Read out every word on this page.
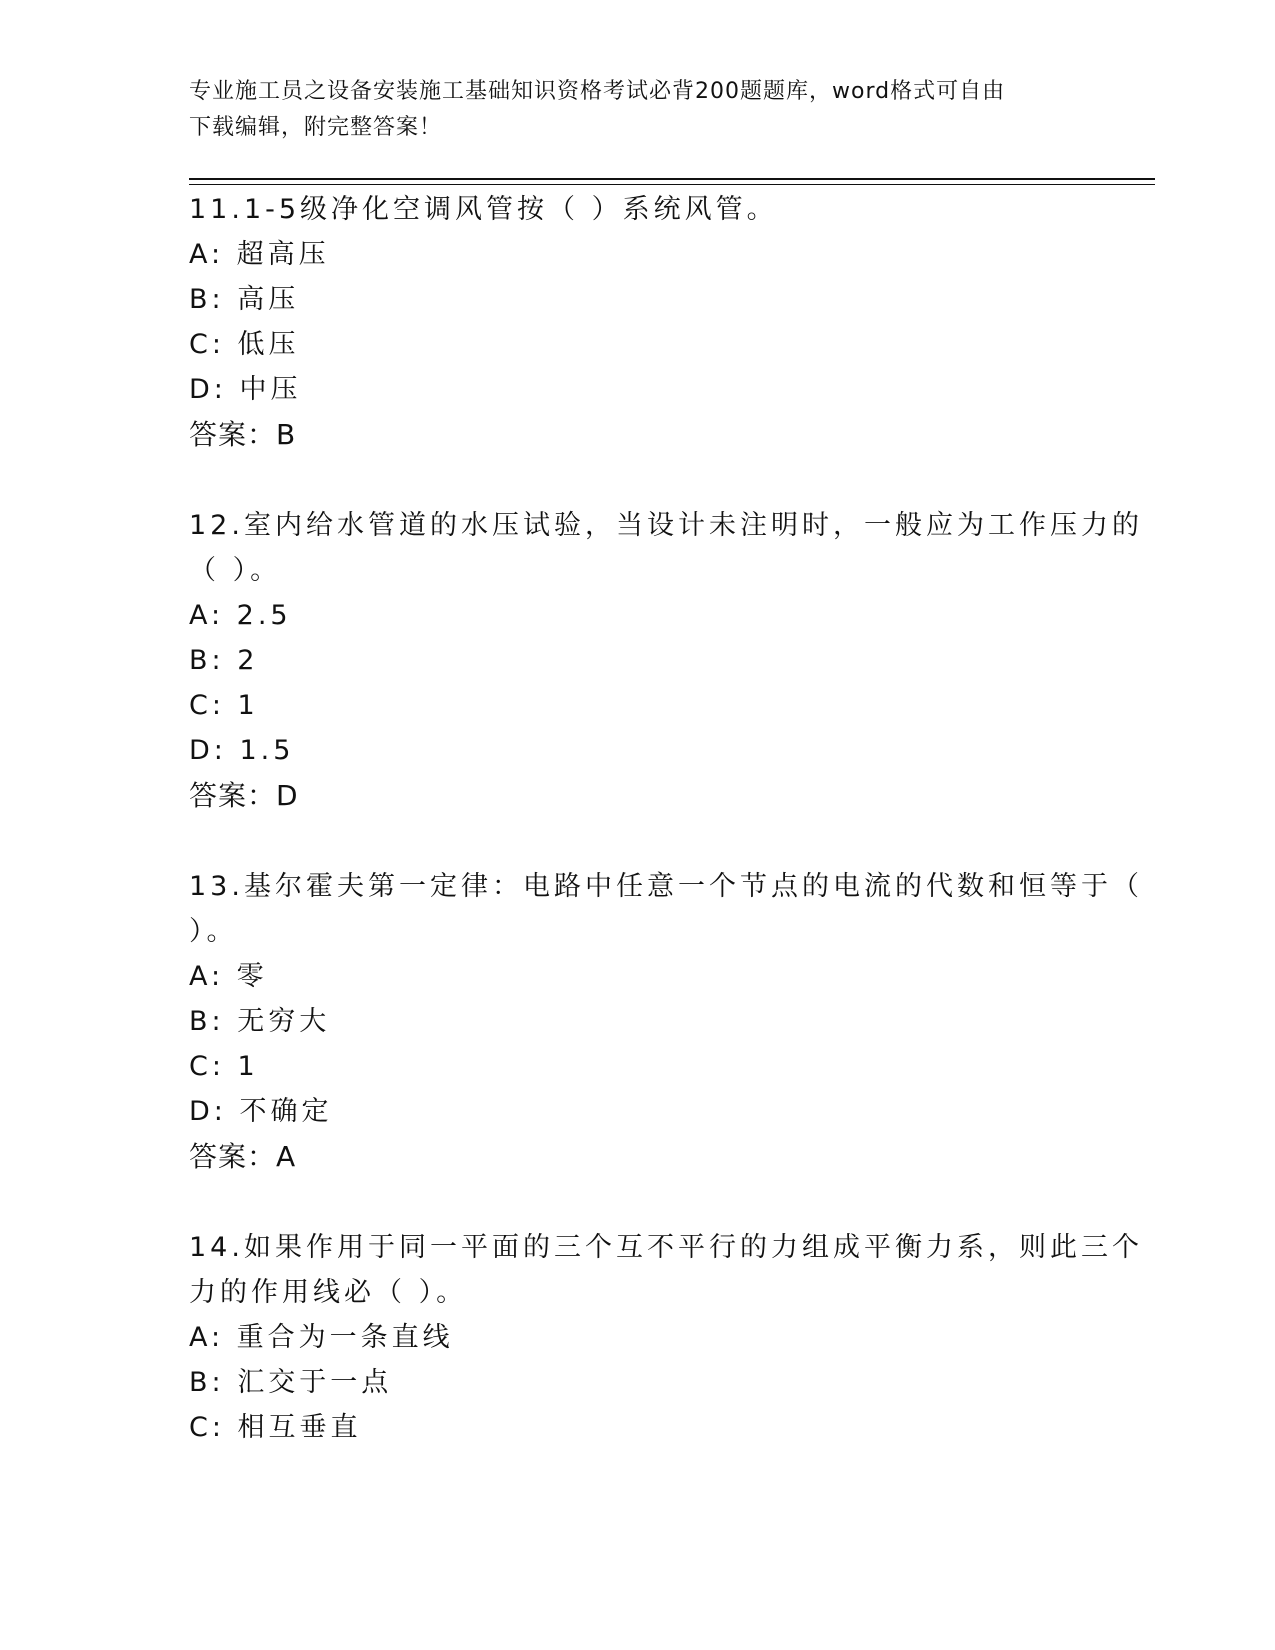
专业施工员之设备安装施工基础知识资格考试必背200题题库，word格式可自由
下载编辑，附完整答案！
11.1-5级净化空调风管按（ ）系统风管。
A: 超高压
B: 高压
C: 低压
D: 中压
答案：B
12.室内给水管道的水压试验，当设计未注明时，一般应为工作压力的
（ ）。
A: 2.5
B: 2
C: 1
D: 1.5
答案：D
13.基尔霍夫第一定律：电路中任意一个节点的电流的代数和恒等于（
）。
A: 零
B: 无穷大
C: 1
D: 不确定
答案：A
14.如果作用于同一平面的三个互不平行的力组成平衡力系，则此三个
力的作用线必（ ）。
A: 重合为一条直线
B: 汇交于一点
C: 相互垂直
